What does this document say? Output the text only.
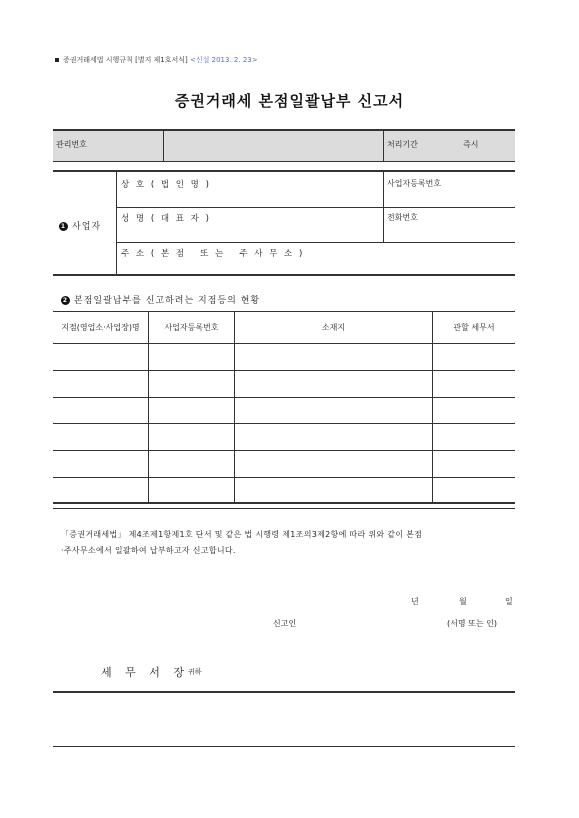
증권거래세법 시행규칙 [별지 제1호서식] <신설 2013. 2. 23>
증권거래세 본점일괄납부 신고서
관리번호	처리기간	즉시
1 사업자
상 호 ( 법 인 명 )	사업자등록번호
성 명 ( 대 표 자 )	전화번호
주 소 ( 본 점   또 는   주 사 무 소 )
2 본점일괄납부를 신고하려는 지점등의 현황
지점(영업소·사업장)명	사업자등록번호	소재지	관할 세무서
「증권거래세법」 제4조제1항제1호 단서 및 같은 법 시행령 제1조의3제2항에 따라 위와 같이 본점
·주사무소에서 일괄하여 납부하고자 신고합니다.
년	월	일
신고인	(서명 또는 인)
세 무 서 장 귀하
